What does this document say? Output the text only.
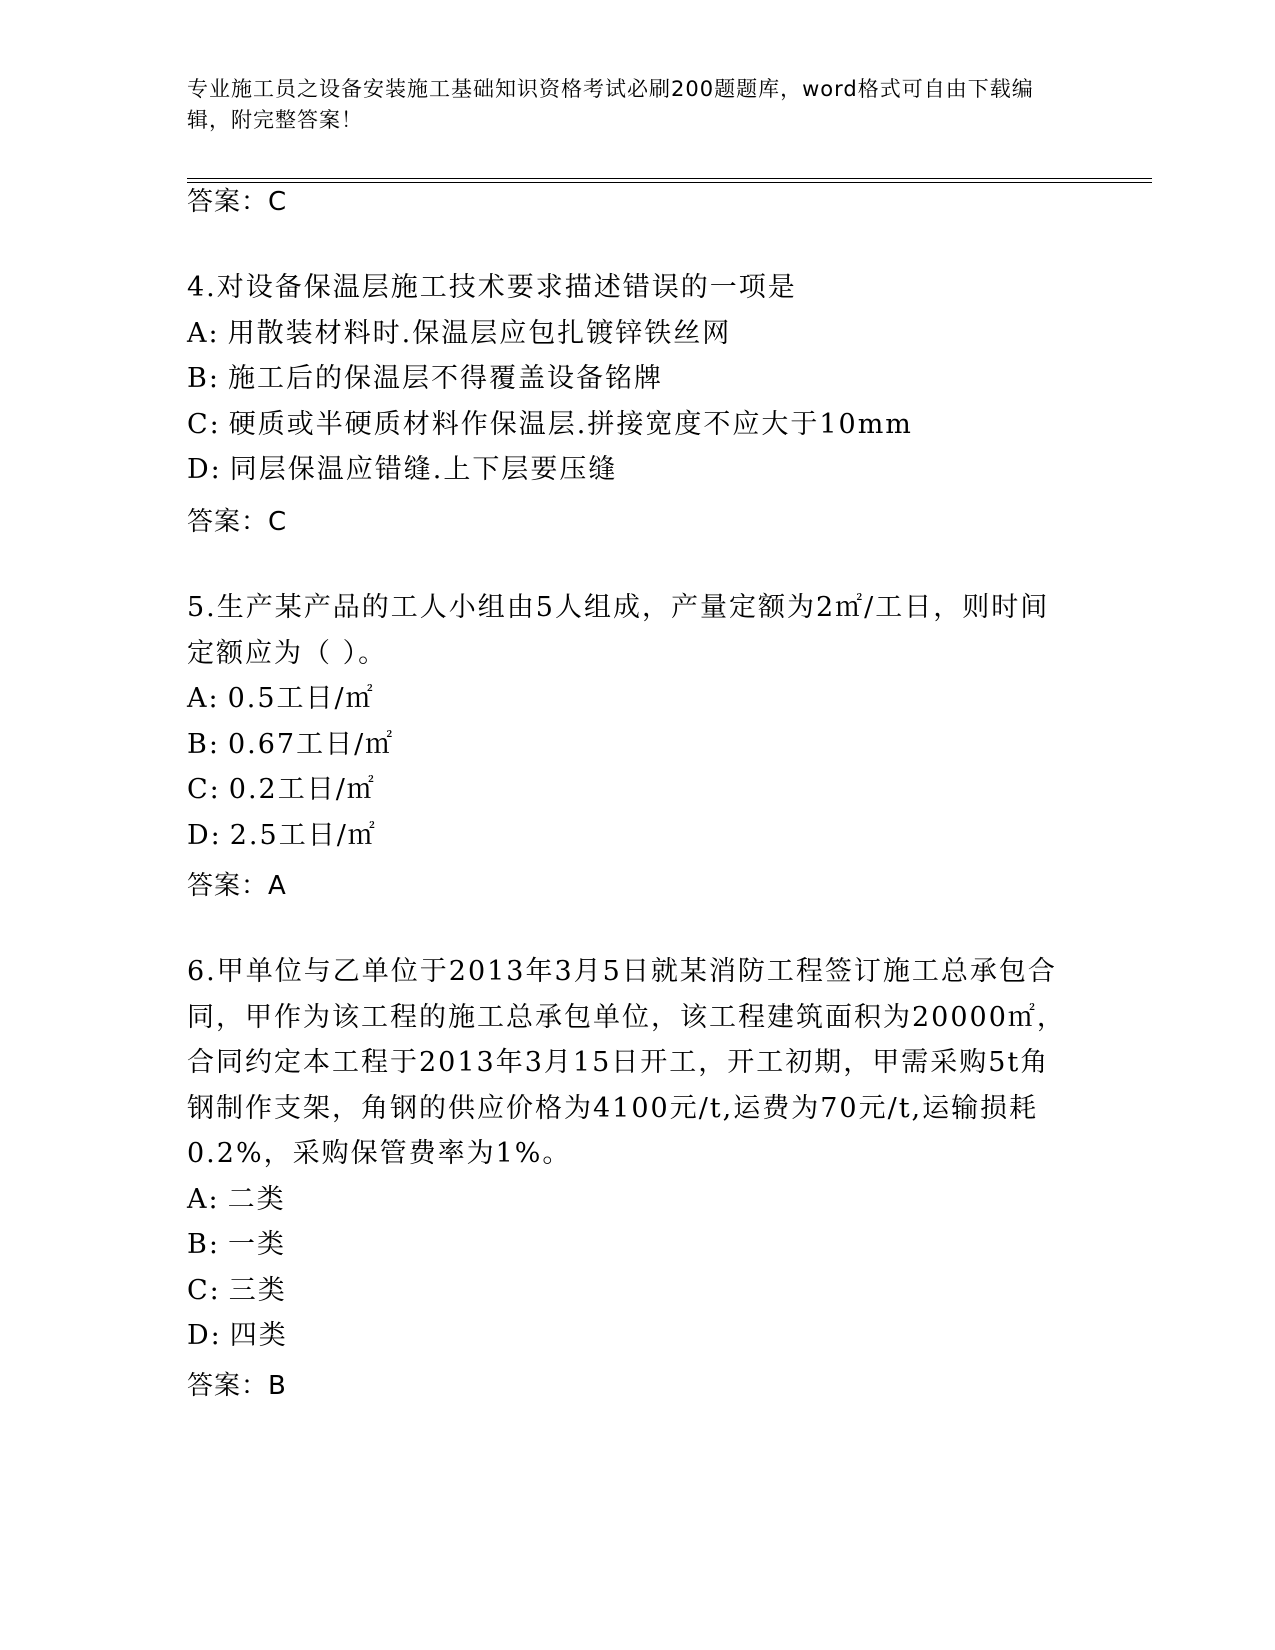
专业施工员之设备安装施工基础知识资格考试必刷200题题库，word格式可自由下载编辑，附完整答案！
答案：C
4.对设备保温层施工技术要求描述错误的一项是
A: 用散装材料时.保温层应包扎镀锌铁丝网
B: 施工后的保温层不得覆盖设备铭牌
C: 硬质或半硬质材料作保温层.拼接宽度不应大于10mm
D: 同层保温应错缝.上下层要压缝
答案：C
5.生产某产品的工人小组由5人组成，产量定额为2㎡/工日，则时间定额应为（ ）。
A: 0.5工日/㎡
B: 0.67工日/㎡
C: 0.2工日/㎡
D: 2.5工日/㎡
答案：A
6.甲单位与乙单位于2013年3月5日就某消防工程签订施工总承包合同，甲作为该工程的施工总承包单位，该工程建筑面积为20000㎡，合同约定本工程于2013年3月15日开工，开工初期，甲需采购5t角钢制作支架，角钢的供应价格为4100元/t,运费为70元/t,运输损耗0.2%，采购保管费率为1%。
A: 二类
B: 一类
C: 三类
D: 四类
答案：B
